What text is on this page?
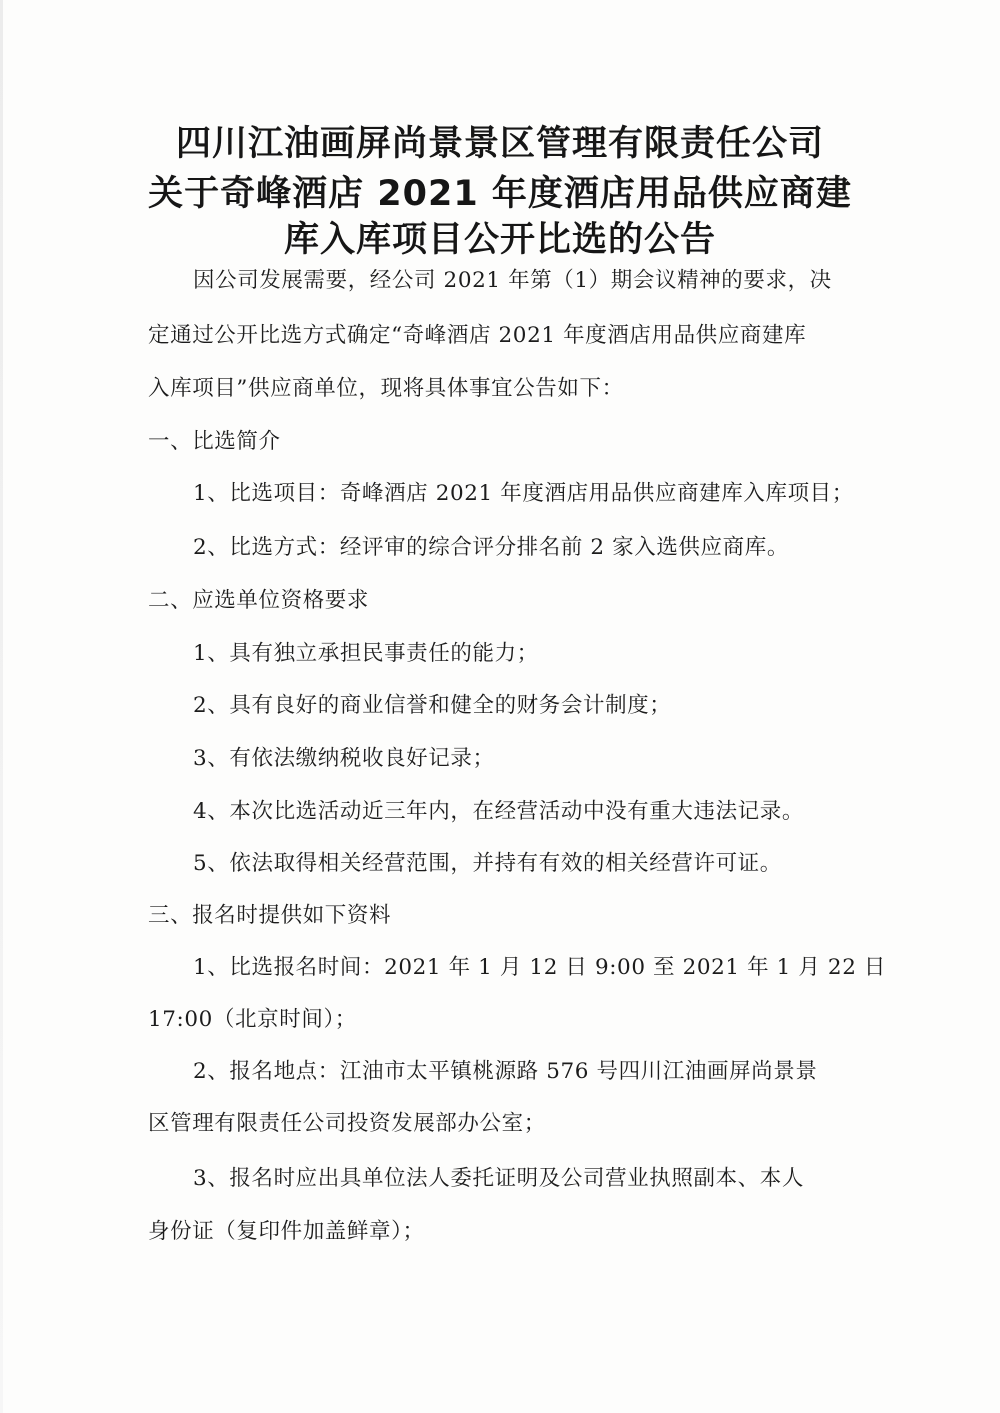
四川江油画屏尚景景区管理有限责任公司
关于奇峰酒店 2021 年度酒店用品供应商建
库入库项目公开比选的公告
因公司发展需要，经公司 2021 年第（1）期会议精神的要求，决
定通过公开比选方式确定“奇峰酒店 2021 年度酒店用品供应商建库
入库项目”供应商单位，现将具体事宜公告如下：
一、比选简介
1、比选项目：奇峰酒店 2021 年度酒店用品供应商建库入库项目；
2、比选方式：经评审的综合评分排名前 2 家入选供应商库。
二、应选单位资格要求
1、具有独立承担民事责任的能力；
2、具有良好的商业信誉和健全的财务会计制度；
3、有依法缴纳税收良好记录；
4、本次比选活动近三年内，在经营活动中没有重大违法记录。
5、依法取得相关经营范围，并持有有效的相关经营许可证。
三、报名时提供如下资料
1、比选报名时间：2021 年 1 月 12 日 9:00 至 2021 年 1 月 22 日
17:00（北京时间）；
2、报名地点：江油市太平镇桃源路 576 号四川江油画屏尚景景
区管理有限责任公司投资发展部办公室；
3、报名时应出具单位法人委托证明及公司营业执照副本、本人
身份证（复印件加盖鲜章）；
